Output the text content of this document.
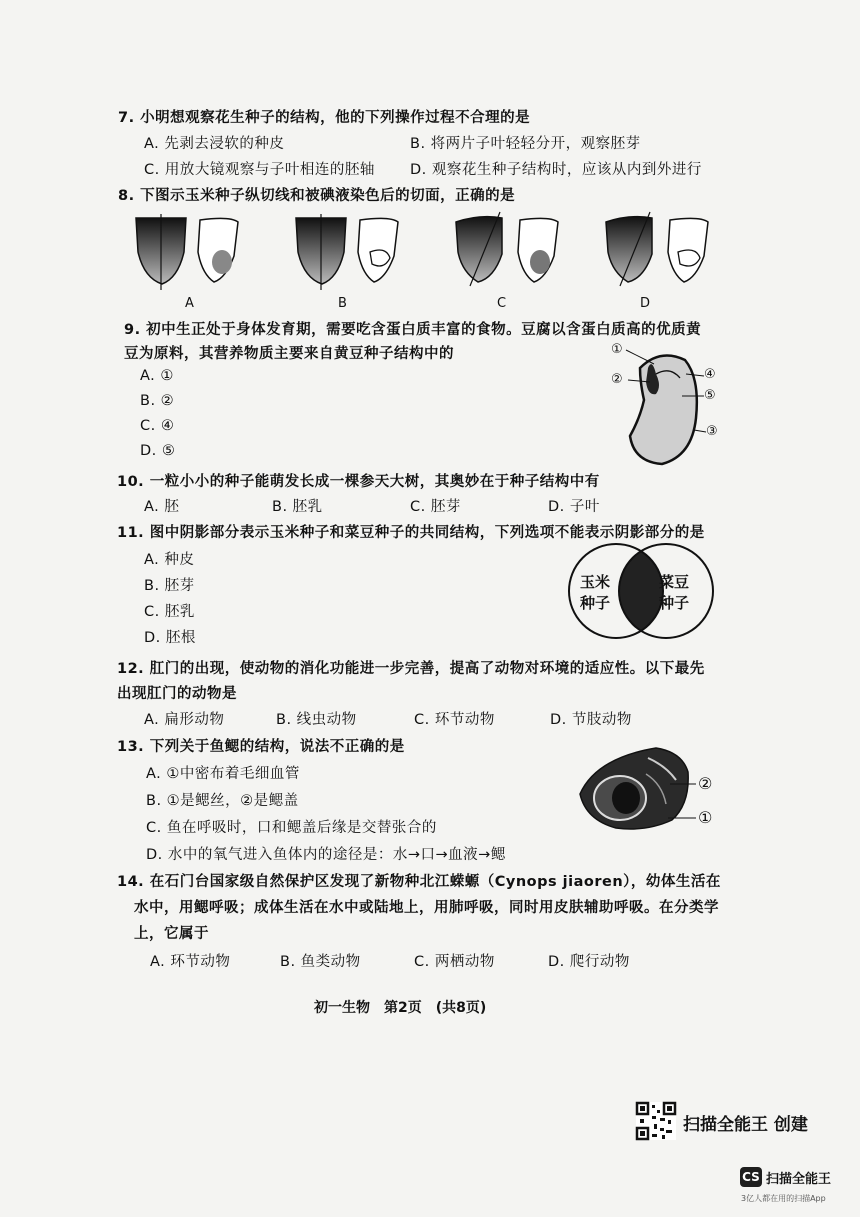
7. 小明想观察花生种子的结构，他的下列操作过程不合理的是
A. 先剥去浸软的种皮	B. 将两片子叶轻轻分开，观察胚芽
C. 用放大镜观察与子叶相连的胚轴 D. 观察花生种子结构时，应该从内到外进行
8. 下图示玉米种子纵切线和被碘液染色后的切面，正确的是
A	B	C	D
9. 初中生正处于身体发育期，需要吃含蛋白质丰富的食物。豆腐以含蛋白质高的优质黄
豆为原料，其营养物质主要来自黄豆种子结构中的
A. ①
B. ②
C. ④
D. ⑤
①
②	④
⑤
③
10. 一粒小小的种子能萌发长成一棵参天大树，其奥妙在于种子结构中有
A. 胚	B. 胚乳	C. 胚芽	D. 子叶
11. 图中阴影部分表示玉米种子和菜豆种子的共同结构，下列选项不能表示阴影部分的是
A. 种皮
B. 胚芽
C. 胚乳
D. 胚根
玉米
种子
菜豆
种子
12. 肛门的出现，使动物的消化功能进一步完善，提高了动物对环境的适应性。以下最先
出现肛门的动物是
A. 扁形动物	B. 线虫动物	C. 环节动物	D. 节肢动物
13. 下列关于鱼鳃的结构，说法不正确的是
A. ①中密布着毛细血管
B. ①是鳃丝，②是鳃盖
C. 鱼在呼吸时，口和鳃盖后缘是交替张合的
D. 水中的氧气进入鱼体内的途径是：水→口→血液→鳃
②
①
14. 在石门台国家级自然保护区发现了新物种北江蝾螈（Cynops jiaoren），幼体生活在
水中，用鳃呼吸；成体生活在水中或陆地上，用肺呼吸，同时用皮肤辅助呼吸。在分类学
上，它属于
A. 环节动物	B. 鱼类动物	C. 两栖动物	D. 爬行动物
初一生物　第2页　(共8页)
扫描全能王 创建
CS 扫描全能王
3亿人都在用的扫描App
